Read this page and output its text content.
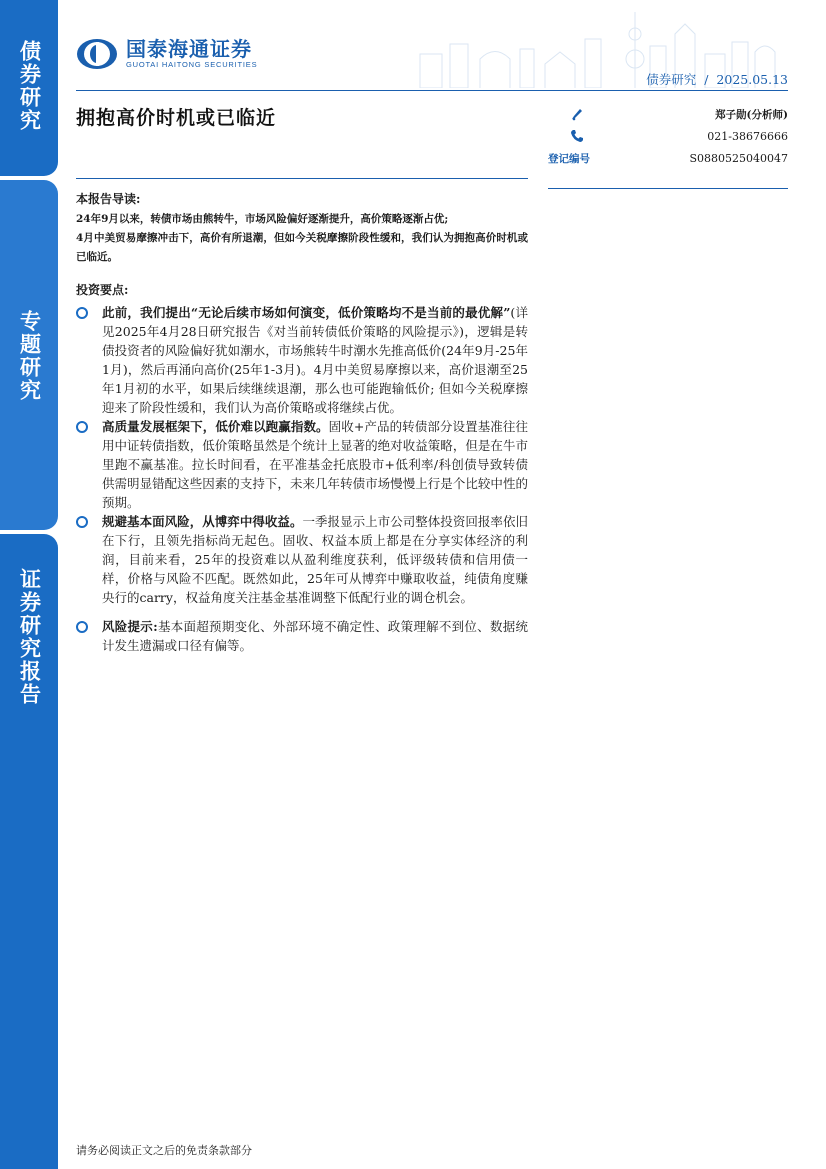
债券研究
专题研究
证券研究报告
国泰海通证券
GUOTAI HAITONG SECURITIES
债券研究 / 2025.05.13
拥抱高价时机或已临近	郑子勋(分析师)
021-38676666
登记编号	S0880525040047
本报告导读:

24年9月以来，转债市场由熊转牛，市场风险偏好逐渐提升，高价策略逐渐占优;

4月中美贸易摩擦冲击下，高价有所退潮，但如今关税摩擦阶段性缓和，我们认为拥抱高价时机或已临近。

投资要点:
此前，我们提出“无论后续市场如何演变，低价策略均不是当前的最优解”(详见2025年4月28日研究报告《对当前转债低价策略的风险提示》)，逻辑是转债投资者的风险偏好犹如潮水，市场熊转牛时潮水先推高低价(24年9月-25年1月)，然后再涌向高价(25年1-3月)。4月中美贸易摩擦以来，高价退潮至25年1月初的水平，如果后续继续退潮，那么也可能跑输低价; 但如今关税摩擦迎来了阶段性缓和，我们认为高价策略或将继续占优。
高质量发展框架下，低价难以跑赢指数。固收+产品的转债部分设置基准往往用中证转债指数，低价策略虽然是个统计上显著的绝对收益策略，但是在牛市里跑不赢基准。拉长时间看，在平准基金托底股市+低利率/科创债导致转债供需明显错配这些因素的支持下，未来几年转债市场慢慢上行是个比较中性的预期。
规避基本面风险，从博弈中得收益。一季报显示上市公司整体投资回报率依旧在下行，且领先指标尚无起色。固收、权益本质上都是在分享实体经济的利润，目前来看，25年的投资难以从盈利维度获利，低评级转债和信用债一样，价格与风险不匹配。既然如此，25年可从博弈中赚取收益，纯债角度赚央行的carry，权益角度关注基金基准调整下低配行业的调仓机会。
风险提示:基本面超预期变化、外部环境不确定性、政策理解不到位、数据统计发生遗漏或口径有偏等。
请务必阅读正文之后的免责条款部分
